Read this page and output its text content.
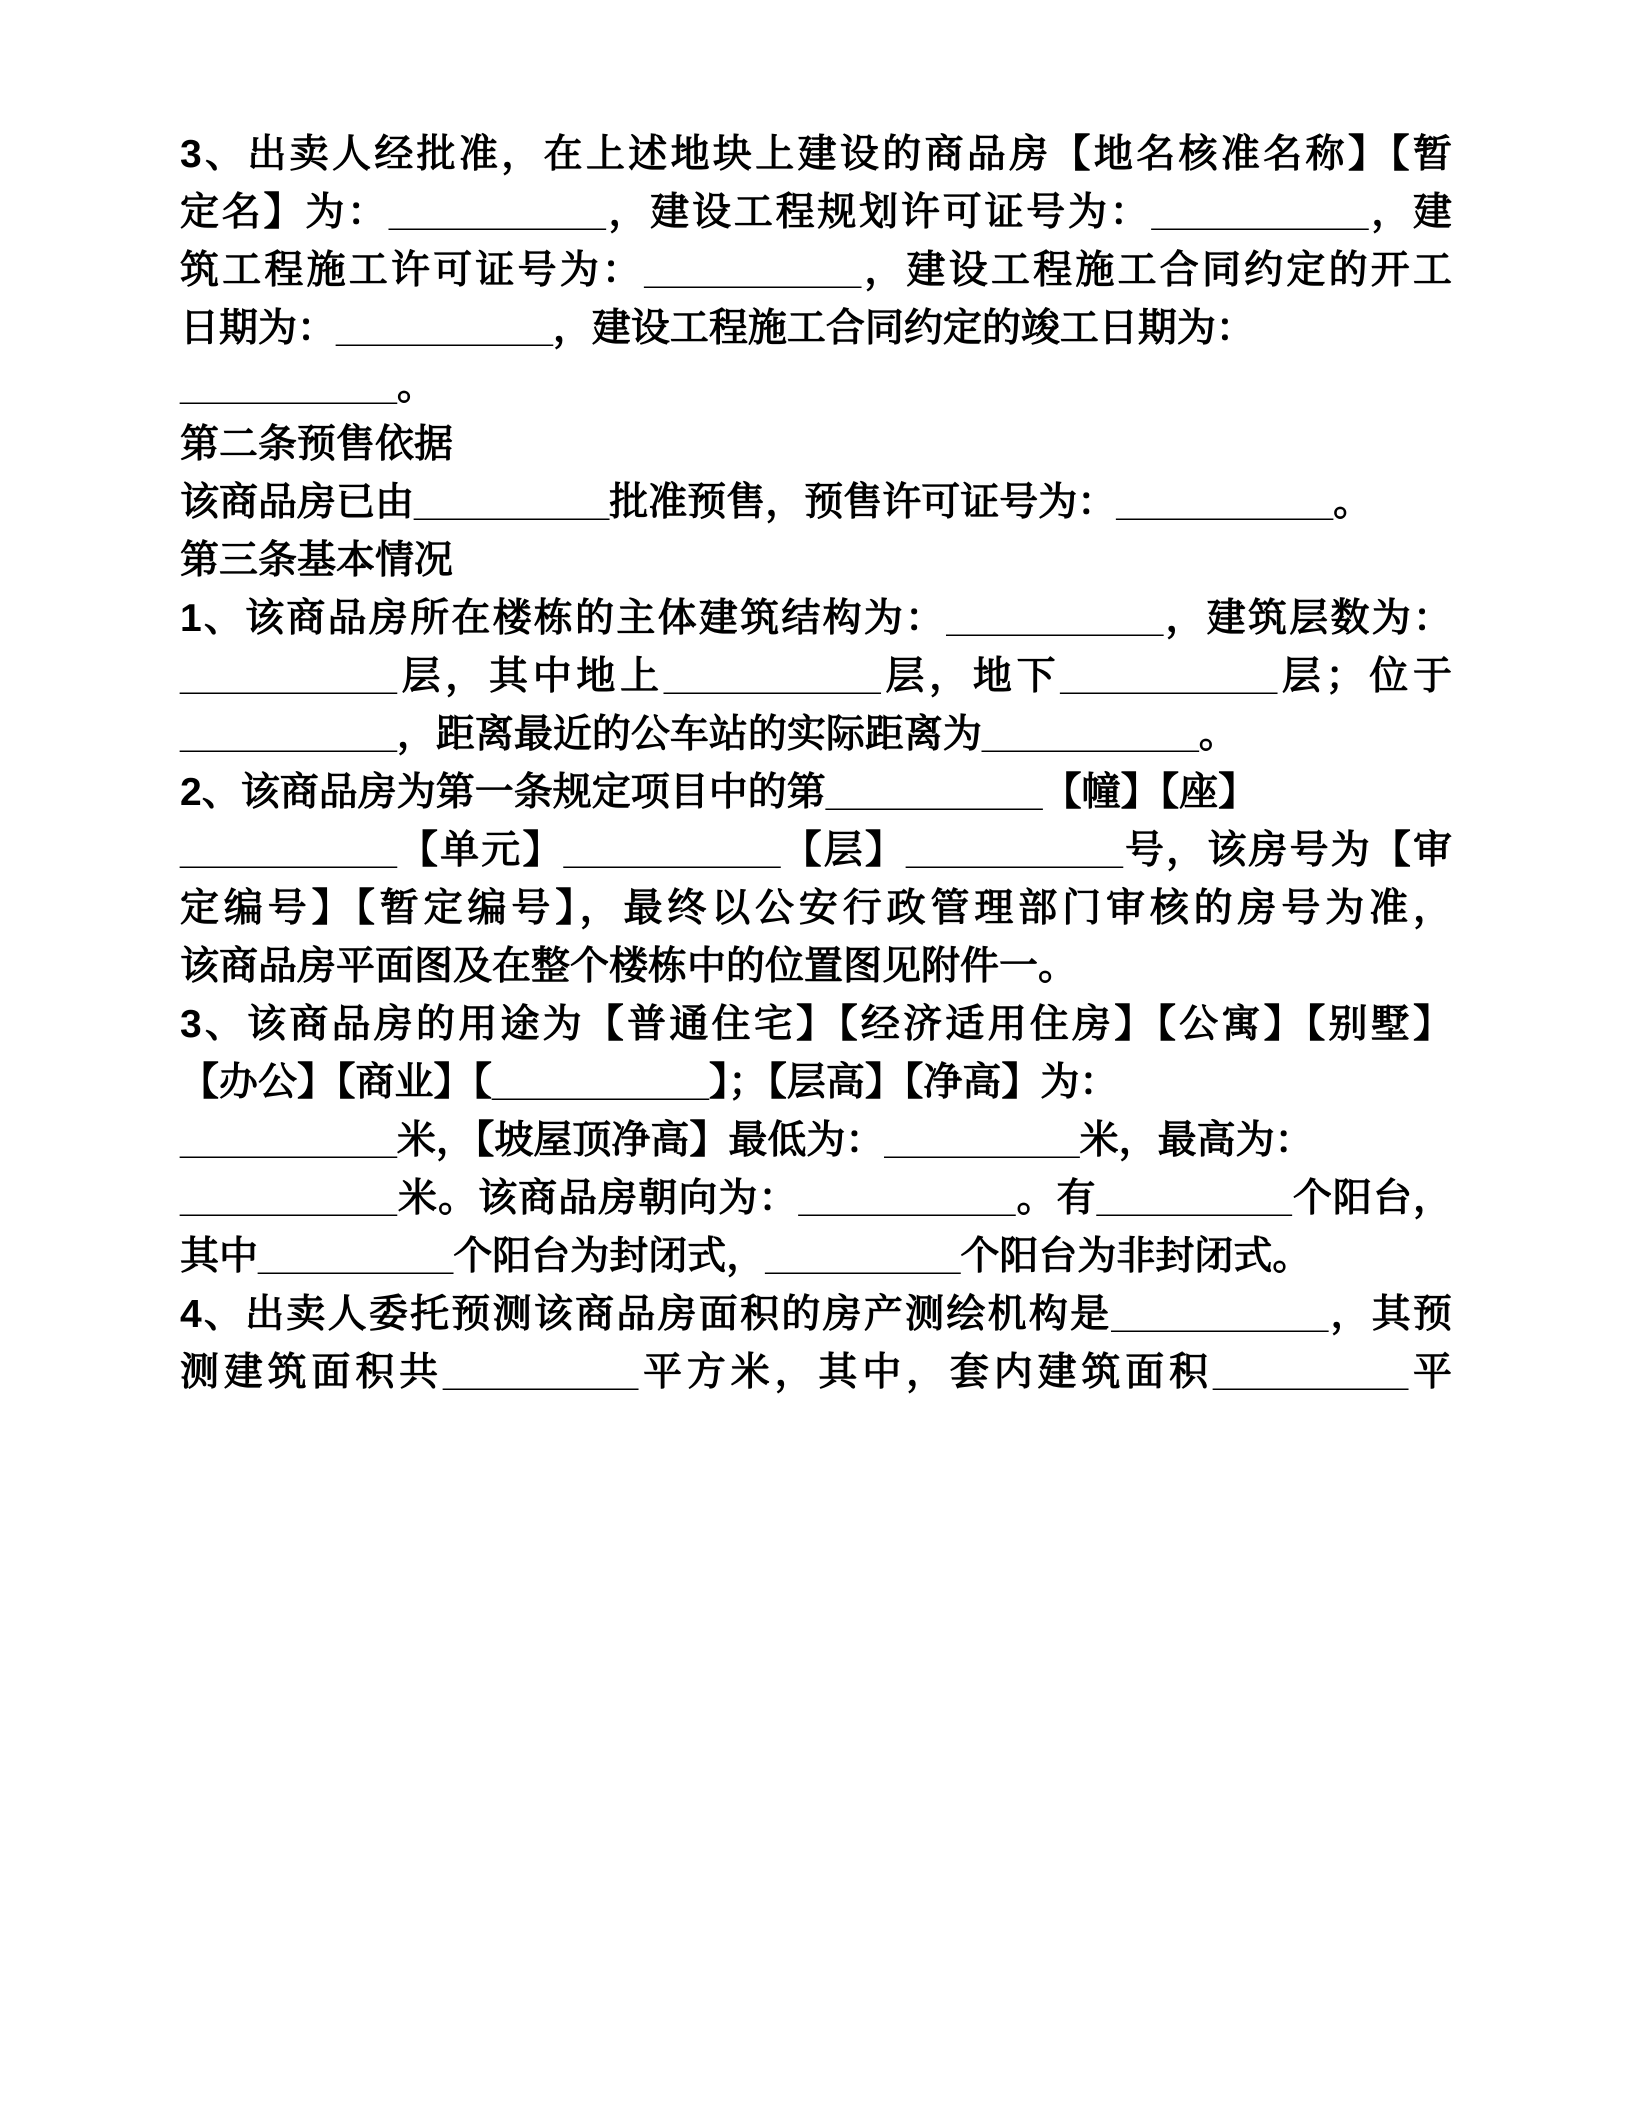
3、出卖人经批准，在上述地块上建设的商品房【地名核准名称】【暂

定名】为：__________，建设工程规划许可证号为：__________，建

筑工程施工许可证号为：__________，建设工程施工合同约定的开工

日期为：__________，建设工程施工合同约定的竣工日期为：

__________。

第二条预售依据

该商品房已由_________批准预售，预售许可证号为：__________。

第三条基本情况

1、该商品房所在楼栋的主体建筑结构为：__________，建筑层数为：

__________层，其中地上__________层，地下__________层；位于

__________，距离最近的公车站的实际距离为__________。

2、该商品房为第一条规定项目中的第__________【幢】【座】

__________【单元】__________【层】__________号，该房号为【审

定编号】【暂定编号】，最终以公安行政管理部门审核的房号为准，

该商品房平面图及在整个楼栋中的位置图见附件一。

3、该商品房的用途为【普通住宅】【经济适用住房】【公寓】【别墅】

【办公】【商业】【__________】；【层高】【净高】为：

__________米，【坡屋顶净高】最低为：_________米，最高为：

__________米。该商品房朝向为：__________。有_________个阳台，

其中_________个阳台为封闭式，_________个阳台为非封闭式。

4、出卖人委托预测该商品房面积的房产测绘机构是__________，其预

测建筑面积共_________平方米，其中，套内建筑面积_________平
